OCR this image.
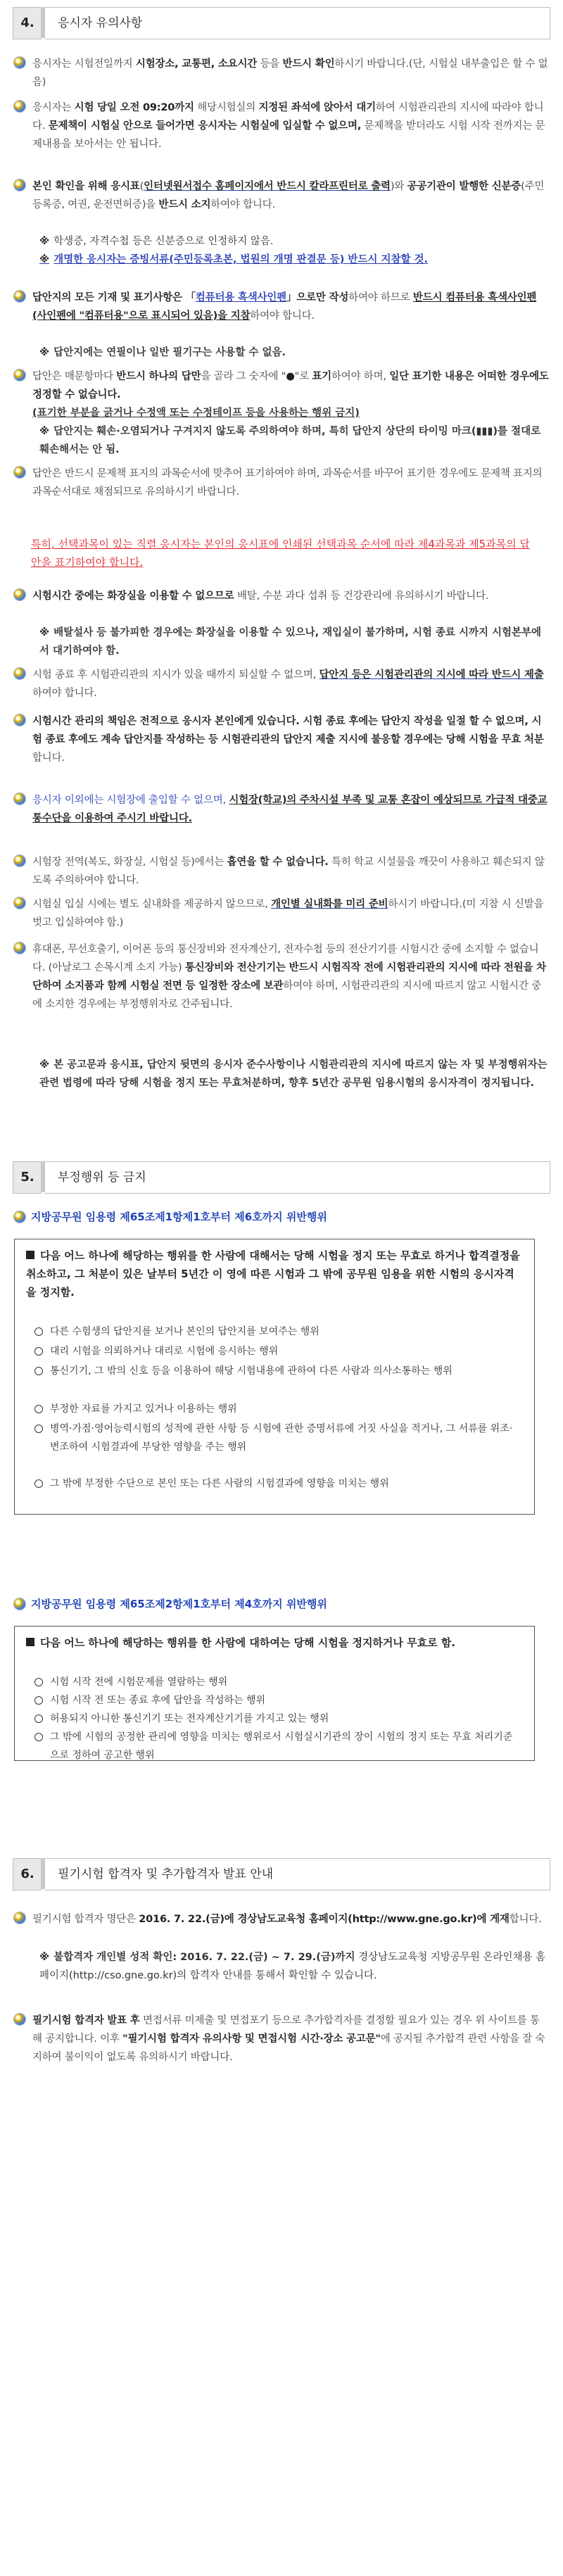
4.	응시자 유의사항
응시자는 시험전일까지 시험장소, 교통편, 소요시간 등을 반드시 확인하시기 바랍니다.(단, 시험실 내부출입은 할 수 없음)
응시자는 시험 당일 오전 09:20까지 해당시험실의 지정된 좌석에 앉아서 대기하여 시험관리관의 지시에 따라야 합니다. 문제책이 시험실 안으로 들어가면 응시자는 시험실에 입실할 수 없으며, 문제책을 받더라도 시험 시작 전까지는 문제내용을 보아서는 안 됩니다.
본인 확인을 위해 응시표(인터넷원서접수 홈페이지에서 반드시 칼라프린터로 출력)와 공공기관이 발행한 신분증(주민등록증, 여권, 운전면허증)을 반드시 소지하여야 합니다.
※ 학생증, 자격수첩 등은 신분증으로 인정하지 않음.
※ 개명한 응시자는 증빙서류(주민등록초본, 법원의 개명 판결문 등) 반드시 지참할 것.
답안지의 모든 기재 및 표기사항은 「컴퓨터용 흑색사인펜」으로만 작성하여야 하므로 반드시 컴퓨터용 흑색사인펜(사인펜에 "컴퓨터용"으로 표시되어 있음)을 지참하여야 합니다.
※ 답안지에는 연필이나 일반 필기구는 사용할 수 없음.
답안은 매문항마다 반드시 하나의 답만을 골라 그 숫자에 "●"로 표기하여야 하며, 일단 표기한 내용은 어떠한 경우에도 정정할 수 없습니다.
(표기한 부분을 긁거나 수정액 또는 수정테이프 등을 사용하는 행위 금지)
※ 답안지는 훼손·오염되거나 구겨지지 않도록 주의하여야 하며, 특히 답안지 상단의 타이밍 마크(▮▮▮)를 절대로 훼손해서는 안 됨.
답안은 반드시 문제책 표지의 과목순서에 맞추어 표기하여야 하며, 과목순서를 바꾸어 표기한 경우에도 문제책 표지의 과목순서대로 채점되므로 유의하시기 바랍니다.
특히, 선택과목이 있는 직렬 응시자는 본인의 응시표에 인쇄된 선택과목 순서에 따라 제4과목과 제5과목의 답안을 표기하여야 합니다.
시험시간 중에는 화장실을 이용할 수 없으므로 배탈, 수분 과다 섭취 등 건강관리에 유의하시기 바랍니다.
※ 배탈설사 등 불가피한 경우에는 화장실을 이용할 수 있으나, 재입실이 불가하며, 시험 종료 시까지 시험본부에서 대기하여야 함.
시험 종료 후 시험관리관의 지시가 있을 때까지 퇴실할 수 없으며, 답안지 등은 시험관리관의 지시에 따라 반드시 제출하여야 합니다.
시험시간 관리의 책임은 전적으로 응시자 본인에게 있습니다. 시험 종료 후에는 답안지 작성을 일절 할 수 없으며, 시험 종료 후에도 계속 답안지를 작성하는 등 시험관리관의 답안지 제출 지시에 불응할 경우에는 당해 시험을 무효 처분합니다.
응시자 이외에는 시험장에 출입할 수 없으며, 시험장(학교)의 주차시설 부족 및 교통 혼잡이 예상되므로 가급적 대중교통수단을 이용하여 주시기 바랍니다.
시험장 전역(복도, 화장실, 시험실 등)에서는 흡연을 할 수 없습니다. 특히 학교 시설물을 깨끗이 사용하고 훼손되지 않도록 주의하여야 합니다.
시험실 입실 시에는 별도 실내화를 제공하지 않으므로, 개인별 실내화를 미리 준비하시기 바랍니다.(미 지참 시 신발을 벗고 입실하여야 함.)
휴대폰, 무선호출기, 이어폰 등의 통신장비와 전자계산기, 전자수첩 등의 전산기기를 시험시간 중에 소지할 수 없습니다. (아날로그 손목시계 소지 가능) 통신장비와 전산기기는 반드시 시험직작 전에 시험관리관의 지시에 따라 전원을 차단하여 소지품과 함께 시험실 전면 등 일정한 장소에 보관하여야 하며, 시험관리관의 지시에 따르지 않고 시험시간 중에 소지한 경우에는 부정행위자로 간주됩니다.
※ 본 공고문과 응시표, 답안지 뒷면의 응시자 준수사항이나 시험관리관의 지시에 따르지 않는 자 및 부정행위자는 관련 법령에 따라 당해 시험을 정지 또는 무효처분하며, 향후 5년간 공무원 임용시험의 응시자격이 정지됩니다.
5.	부정행위 등 금지
지방공무원 임용령 제65조제1항제1호부터 제6호까지 위반행위
다음 어느 하나에 해당하는 행위를 한 사람에 대해서는 당해 시험을 정지 또는 무효로 하거나 합격결정을 취소하고, 그 처분이 있은 날부터 5년간 이 영에 따른 시험과 그 밖에 공무원 임용을 위한 시험의 응시자격을 정지함.
다른 수험생의 답안지를 보거나 본인의 답안지를 보여주는 행위
대리 시험을 의뢰하거나 대리로 시험에 응시하는 행위
통신기기, 그 밖의 신호 등을 이용하여 해당 시험내용에 관하여 다른 사람과 의사소통하는 행위
부정한 자료를 가지고 있거나 이용하는 행위
병역·가점·영어능력시험의 성적에 관한 사항 등 시험에 관한 증명서류에 거짓 사실을 적거나, 그 서류를 위조·변조하여 시험결과에 부당한 영향을 주는 행위
그 밖에 부정한 수단으로 본인 또는 다른 사람의 시험결과에 영향을 미치는 행위
지방공무원 임용령 제65조제2항제1호부터 제4호까지 위반행위
다음 어느 하나에 해당하는 행위를 한 사람에 대하여는 당해 시험을 정지하거나 무효로 함.
시험 시작 전에 시험문제를 열람하는 행위
시험 시작 전 또는 종료 후에 답안을 작성하는 행위
허용되지 아니한 통신기기 또는 전자계산기기를 가지고 있는 행위
그 밖에 시험의 공정한 관리에 영향을 미치는 행위로서 시험실시기관의 장이 시험의 정지 또는 무효 처리기준으로 정하여 공고한 행위
6.	필기시험 합격자 및 추가합격자 발표 안내
필기시험 합격자 명단은 2016. 7. 22.(금)에 경상남도교육청 홈페이지(http://www.gne.go.kr)에 게재합니다.
※ 불합격자 개인별 성적 확인: 2016. 7. 22.(금) ~ 7. 29.(금)까지 경상남도교육청 지방공무원 온라인채용 홈페이지(http://cso.gne.go.kr)의 합격자 안내를 통해서 확인할 수 있습니다.
필기시험 합격자 발표 후 면접서류 미제출 및 면접포기 등으로 추가합격자를 결정할 필요가 있는 경우 위 사이트를 통해 공지합니다. 이후 "필기시험 합격자 유의사항 및 면접시험 시간·장소 공고문"에 공지될 추가합격 관련 사항을 잘 숙지하여 불이익이 없도록 유의하시기 바랍니다.
